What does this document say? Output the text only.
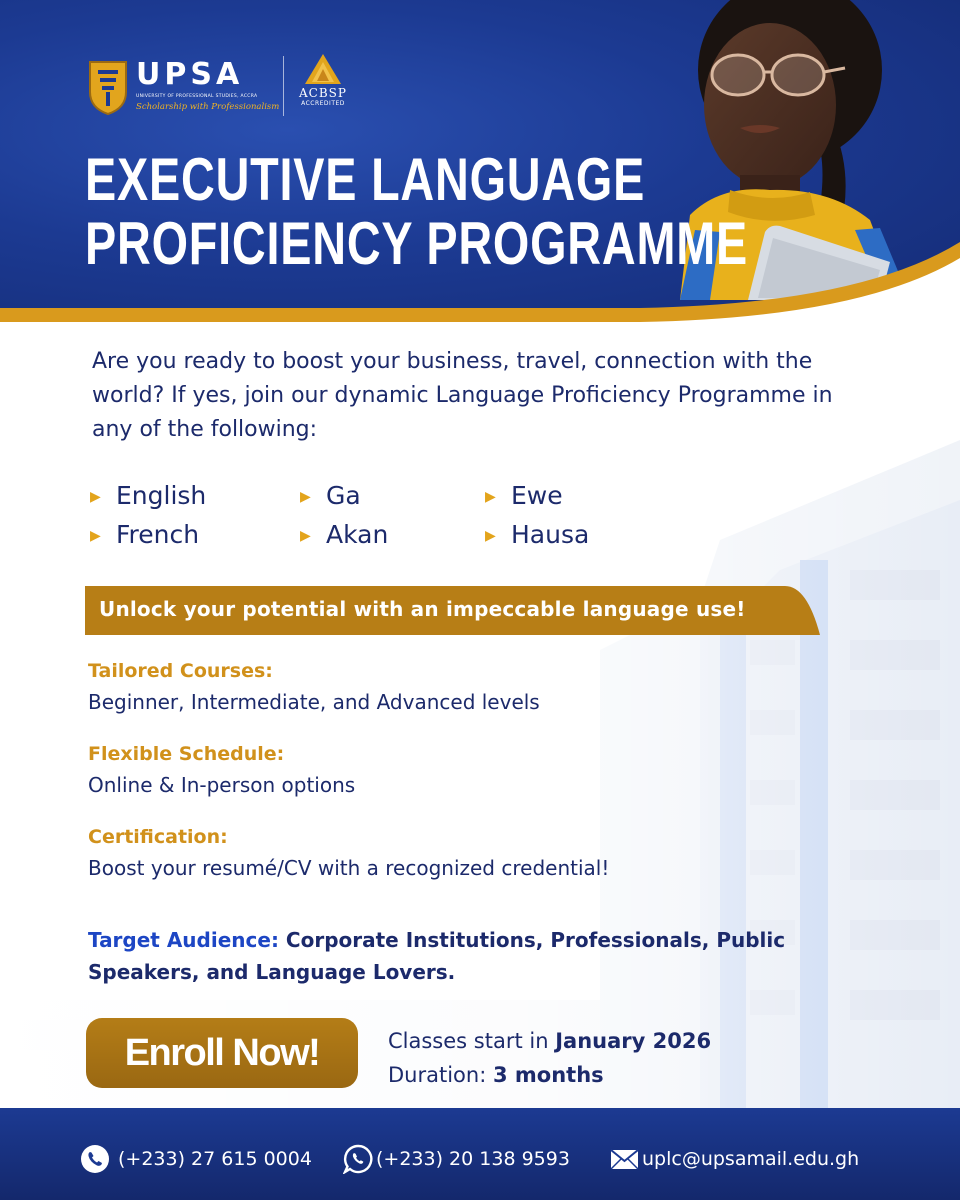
UPSA
UNIVERSITY OF PROFESSIONAL STUDIES, ACCRA
Scholarship with Professionalism
ACBSP
ACCREDITED
EXECUTIVE LANGUAGE
PROFICIENCY PROGRAMME

Are you ready to boost your business, travel, connection with the world? If yes, join our dynamic Language Proficiency Programme in any of the following:

▶ English
▶ French
▶ Ga
▶ Akan
▶ Ewe
▶ Hausa
Unlock your potential with an impeccable language use!
Tailored Courses:
Beginner, Intermediate, and Advanced levels
Flexible Schedule:
Online & In-person options
Certification:
Boost your resumé/CV with a recognized credential!

Target Audience: Corporate Institutions, Professionals, Public Speakers, and Language Lovers.

Enroll Now!	Classes start in January 2026
Duration: 3 months
(+233) 27 615 0004	(+233) 20 138 9593	uplc@upsamail.edu.gh
